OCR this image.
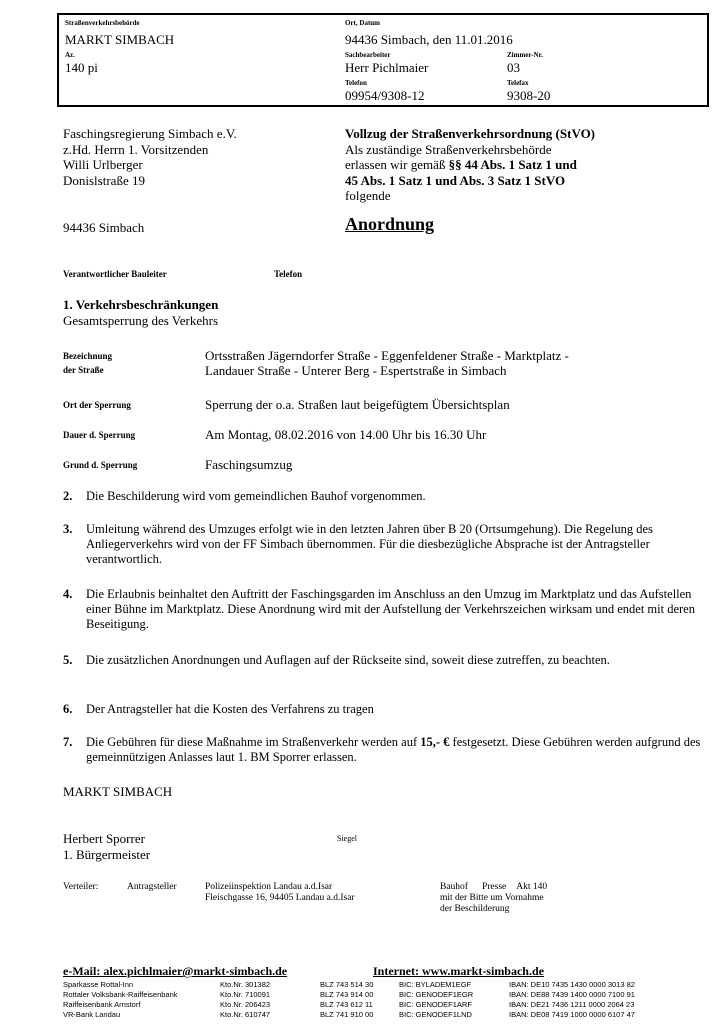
Straßenverkehrsbehörde
MARKT SIMBACH
Az.
140 pi
Ort, Datum
94436 Simbach, den 11.01.2016
Sachbearbeiter
Herr Pichlmaier
Zimmer-Nr.
03
Telefon
09954/9308-12
Telefax
9308-20
Faschingsregierung Simbach e.V.
z.Hd. Herrn 1. Vorsitzenden
Willi Urlberger
Donislstraße 19
94436 Simbach
Vollzug der Straßenverkehrsordnung (StVO)
Als zuständige Straßenverkehrsbehörde
erlassen wir gemäß §§ 44 Abs. 1 Satz 1 und
45 Abs. 1 Satz 1 und Abs. 3 Satz 1 StVO
folgende
Anordnung
Verantwortlicher Bauleiter	Telefon
1. Verkehrsbeschränkungen
Gesamtsperrung des Verkehrs
Bezeichnung
der Straße
Ortsstraßen Jägerndorfer Straße - Eggenfeldener Straße - Marktplatz -
Landauer Straße - Unterer Berg - Espertstraße in Simbach
Ort der Sperrung	Sperrung der o.a. Straßen laut beigefügtem Übersichtsplan
Dauer d. Sperrung	Am Montag, 08.02.2016 von 14.00 Uhr bis 16.30 Uhr
Grund d. Sperrung	Faschingsumzug
2.	Die Beschilderung wird vom gemeindlichen Bauhof vorgenommen.
3.	Umleitung während des Umzuges erfolgt wie in den letzten Jahren über B 20 (Ortsumgehung). Die Regelung des Anliegerverkehrs wird von der FF Simbach übernommen. Für die diesbezügliche Absprache ist der Antragsteller verantwortlich.
4.	Die Erlaubnis beinhaltet den Auftritt der Faschingsgarden im Anschluss an den Umzug im Marktplatz und das Aufstellen einer Bühne im Marktplatz. Diese Anordnung wird mit der Aufstellung der Verkehrszeichen wirksam und endet mit deren Beseitigung.
5.	Die zusätzlichen Anordnungen und Auflagen auf der Rückseite sind, soweit diese zutreffen, zu beachten.
6.	Der Antragsteller hat die Kosten des Verfahrens zu tragen
7.	Die Gebühren für diese Maßnahme im Straßenverkehr werden auf 15,- € festgesetzt. Diese Gebühren werden aufgrund des gemeinnützigen Anlasses laut 1. BM Sporrer erlassen.
MARKT SIMBACH
Herbert Sporrer
1. Bürgermeister
Siegel
Verteiler:	Antragsteller	Polizeiinspektion Landau a.d.Isar
Fleischgasse 16, 94405 Landau a.d.Isar
Bauhof Presse Akt 140
mit der Bitte um Vornahme
der Beschilderung
e-Mail: alex.pichlmaier@markt-simbach.de	Internet: www.markt-simbach.de
Sparkasse Rottal-Inn	Kto.Nr. 301382	BLZ 743 514 30	BIC: BYLADEM1EGF	IBAN: DE10 7435 1430 0000 3013 82
Rottaler Volksbank-Raiffeisenbank	Kto.Nr. 710091	BLZ 743 914 00	BIC: GENODEF1EGR	IBAN: DE88 7439 1400 0000 7100 91
Raiffeisenbank Arnstorf	Kto.Nr. 206423	BLZ 743 612 11	BIC: GENODEF1ARF	IBAN: DE21 7436 1211 0000 2064 23
VR-Bank Landau	Kto.Nr. 610747	BLZ 741 910 00	BIC: GENODEF1LND	IBAN: DE08 7419 1000 0000 6107 47
